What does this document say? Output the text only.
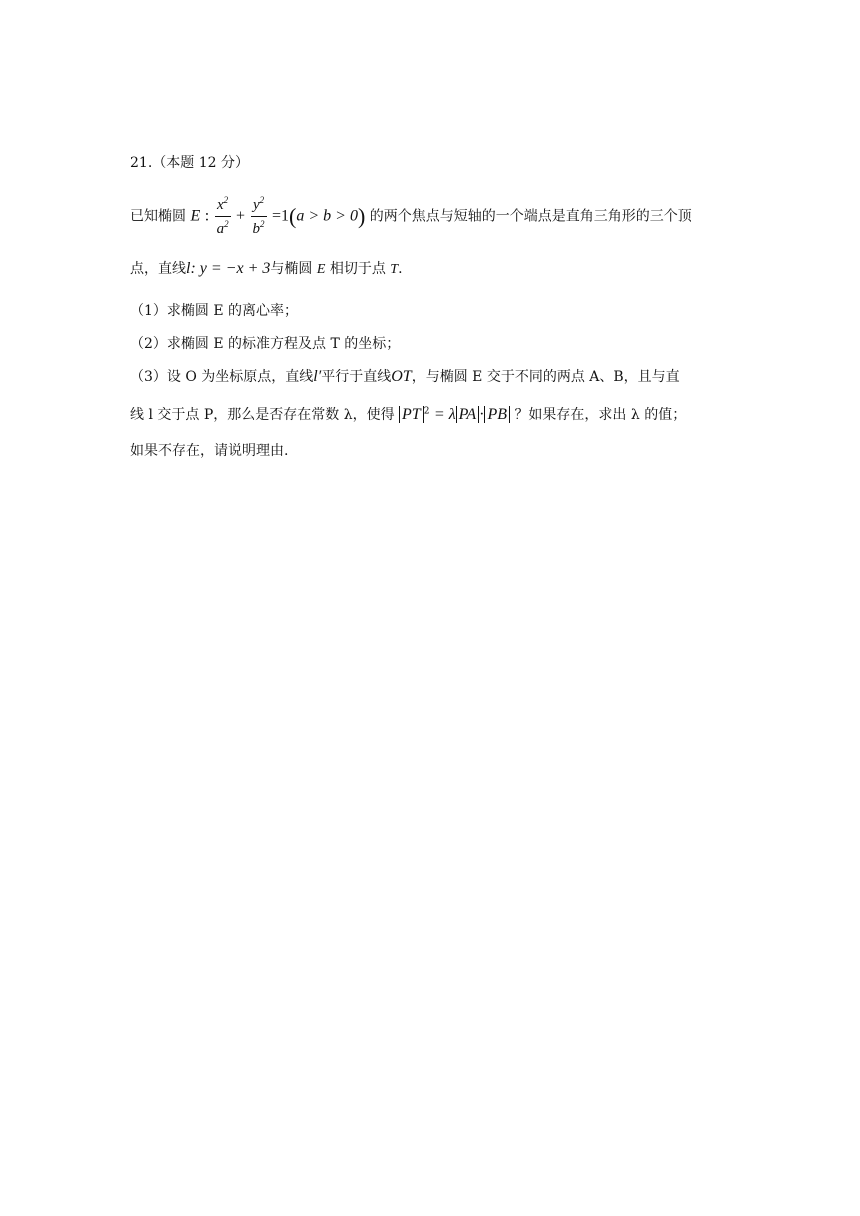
21.（本题 12 分）
已知椭圆 E : $\frac{x^2}{a^2} + \frac{y^2}{b^2} =1(a > b > 0)$ 的两个焦点与短轴的一个端点是直角三角形的三个顶
点，直线l: y = −x + 3与椭圆 E 相切于点 T.
（1）求椭圆 E 的离心率；
（2）求椭圆 E 的标准方程及点 T 的坐标；
（3）设 O 为坐标原点，直线l′平行于直线OT，与椭圆 E 交于不同的两点 A、B，且与直
线 l 交于点 P，那么是否存在常数 λ，使得 PT $^2$ = λ PA · PB ？如果存在，求出 λ 的值；
如果不存在，请说明理由.
